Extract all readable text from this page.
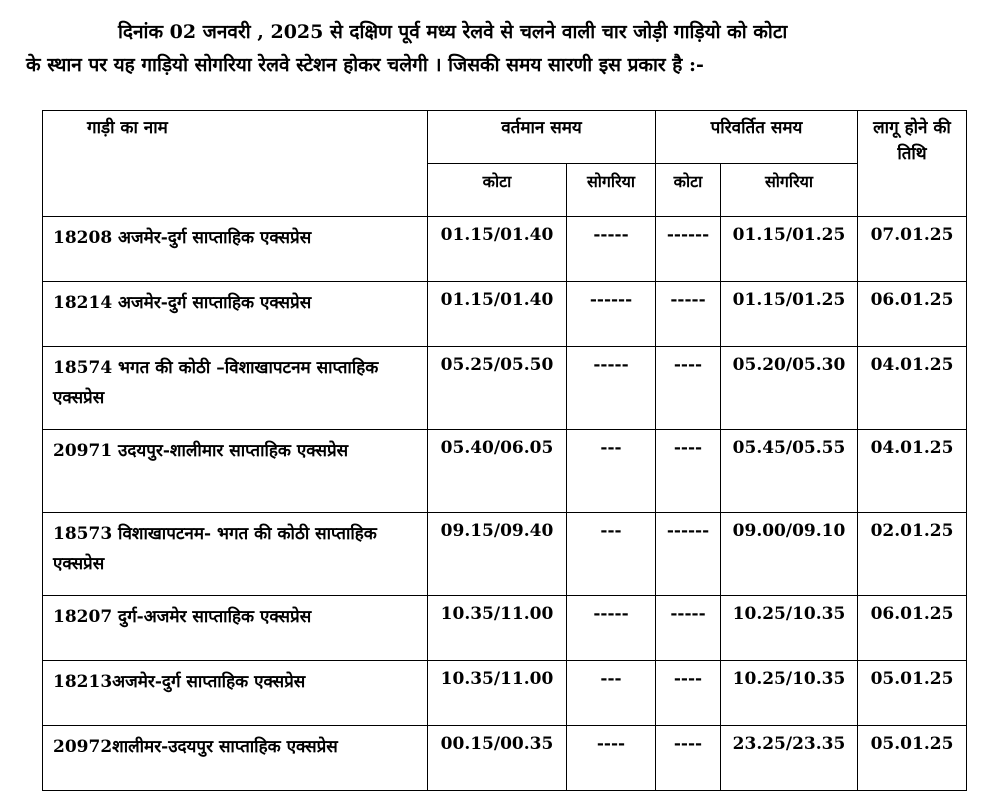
दिनांक 02 जनवरी , 2025 से दक्षिण पूर्व मध्य रेलवे से चलने वाली चार जोड़ी गाड़ियो को कोटा
के स्थान पर यह गाड़ियो सोगरिया रेलवे स्टेशन होकर चलेगी । जिसकी समय सारणी इस प्रकार है :-
गाड़ी का नाम	वर्तमान समय		परिवर्तित समय		लागू होने की तिथि
	कोटा	सोगरिया	कोटा	सोगरिया	
18208 अजमेर-दुर्ग साप्ताहिक एक्सप्रेस	01.15/01.40	-----	------	01.15/01.25	07.01.25
18214 अजमेर-दुर्ग साप्ताहिक एक्सप्रेस	01.15/01.40	------	-----	01.15/01.25	06.01.25
18574 भगत की कोठी –विशाखापटनम साप्ताहिक एक्सप्रेस	05.25/05.50	-----	----	05.20/05.30	04.01.25
20971 उदयपुर-शालीमार साप्ताहिक एक्सप्रेस	05.40/06.05	---	----	05.45/05.55	04.01.25
18573 विशाखापटनम- भगत की कोठी साप्ताहिक एक्सप्रेस	09.15/09.40	---	------	09.00/09.10	02.01.25
18207 दुर्ग-अजमेर साप्ताहिक एक्सप्रेस	10.35/11.00	-----	-----	10.25/10.35	06.01.25
18213अजमेर-दुर्ग साप्ताहिक एक्सप्रेस	10.35/11.00	---	----	10.25/10.35	05.01.25
20972शालीमर-उदयपुर साप्ताहिक एक्सप्रेस	00.15/00.35	----	----	23.25/23.35	05.01.25
